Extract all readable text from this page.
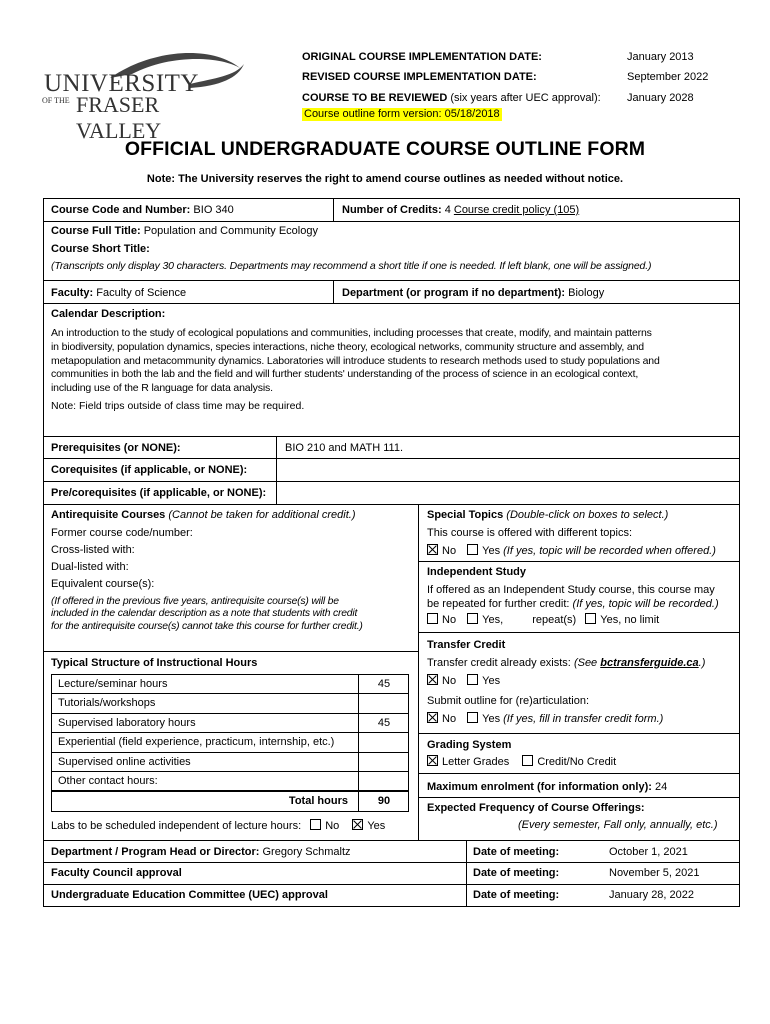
UNIVERSITY
OF THE FRASER VALLEY
ORIGINAL COURSE IMPLEMENTATION DATE:	January 2013
REVISED COURSE IMPLEMENTATION DATE:	September 2022
COURSE TO BE REVIEWED (six years after UEC approval): January 2028
Course outline form version: 05/18/2018
OFFICIAL UNDERGRADUATE COURSE OUTLINE FORM
Note: The University reserves the right to amend course outlines as needed without notice.
Course Code and Number: BIO 340	Number of Credits: 4 Course credit policy (105)
Course Full Title: Population and Community Ecology
Course Short Title:
(Transcripts only display 30 characters. Departments may recommend a short title if one is needed. If left blank, one will be assigned.)
Faculty: Faculty of Science	Department (or program if no department): Biology
Calendar Description:
An introduction to the study of ecological populations and communities, including processes that create, modify, and maintain patterns
in biodiversity, population dynamics, species interactions, niche theory, ecological networks, community structure and assembly, and
metapopulation and metacommunity dynamics. Laboratories will introduce students to research methods used to study populations and
communities in both the lab and the field and will further students' understanding of the process of science in an ecological context,
including use of the R language for data analysis.
Note: Field trips outside of class time may be required.
Prerequisites (or NONE):	BIO 210 and MATH 111.
Corequisites (if applicable, or NONE):
Pre/corequisites (if applicable, or NONE):
Antirequisite Courses (Cannot be taken for additional credit.)
Former course code/number:
Cross-listed with:
Dual-listed with:
Equivalent course(s):
(If offered in the previous five years, antirequisite course(s) will be
included in the calendar description as a note that students with credit
for the antirequisite course(s) cannot take this course for further credit.)
Typical Structure of Instructional Hours
Lecture/seminar hours	45
Tutorials/workshops
Supervised laboratory hours	45
Experiential (field experience, practicum, internship, etc.)
Supervised online activities
Other contact hours:
Total hours	90
Labs to be scheduled independent of lecture hours: No	Yes
Special Topics (Double-click on boxes to select.)
This course is offered with different topics:
No Yes (If yes, topic will be recorded when offered.)
Independent Study
If offered as an Independent Study course, this course may
be repeated for further credit: (If yes, topic will be recorded.)
No Yes,	repeat(s) Yes, no limit
Transfer Credit
Transfer credit already exists: (See bctransferguide.ca.)
No Yes
Submit outline for (re)articulation:
No Yes (If yes, fill in transfer credit form.)
Grading System
Letter Grades	Credit/No Credit
Maximum enrolment (for information only): 24
Expected Frequency of Course Offerings:
(Every semester, Fall only, annually, etc.)
Department / Program Head or Director: Gregory Schmaltz	Date of meeting:	October 1, 2021
Faculty Council approval	Date of meeting:	November 5, 2021
Undergraduate Education Committee (UEC) approval	Date of meeting:	January 28, 2022
